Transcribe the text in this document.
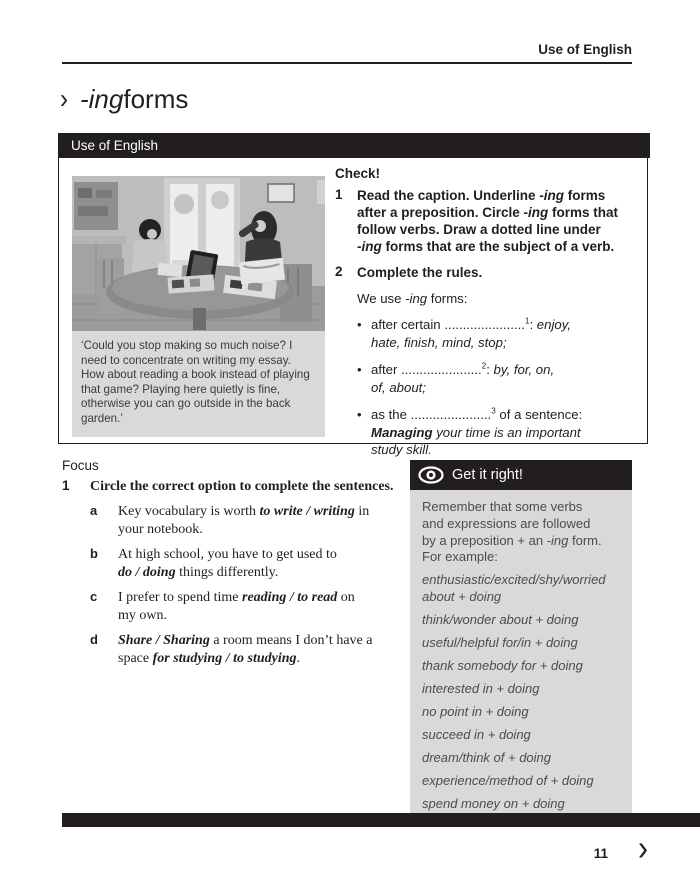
Use of English
› -ing forms
Use of English
‘Could you stop making so much noise? I need to concentrate on writing my essay. How about reading a book instead of playing that game? Playing here quietly is fine, otherwise you can go outside in the back garden.’
Check!
1	Read the caption. Underline -ing forms
after a preposition. Circle -ing forms that
follow verbs. Draw a dotted line under
-ing forms that are the subject of a verb.
2	Complete the rules.
We use -ing forms:
• after certain ......................$^1$: enjoy,
hate, finish, mind, stop;
• after ......................$^2$: by, for, on,
of, about;
• as the ......................$^3$ of a sentence:
Managing your time is an important
study skill.
Focus
1	Circle the correct option to complete the sentences.
a	Key vocabulary is worth to write / writing in
your notebook.
b	At high school, you have to get used to
do / doing things differently.
c	I prefer to spend time reading / to read on
my own.
d	Share / Sharing a room means I don’t have a
space for studying / to studying.
Get it right!
Remember that some verbs
and expressions are followed
by a preposition + an -ing form.
For example:
enthusiastic/excited/shy/worried about + doing
think/wonder about + doing
useful/helpful for/in + doing
thank somebody for + doing
interested in + doing
no point in + doing
succeed in + doing
dream/think of + doing
experience/method of + doing
spend money on + doing
11 ›
